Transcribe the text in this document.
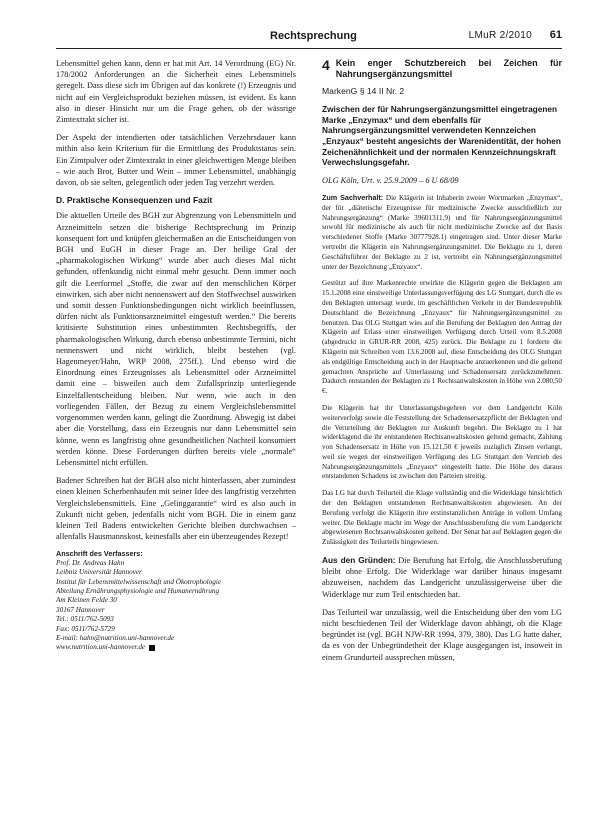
Rechtsprechung	LMuR 2/2010 61

Lebensmittel gehen kann, denn er hat mit Art. 14 Verordnung (EG) Nr. 178/2002 Anforderungen an die Sicherheit eines Lebensmittels geregelt. Dass diese sich im Übrigen auf das konkrete (!) Erzeugnis und nicht auf ein Vergleichsprodukt beziehen müssen, ist evident. Es kann also in dieser Hinsicht nur um die Frage gehen, ob der wässrige Zimtextrakt sicher ist.

Der Aspekt der intendierten oder tatsächlichen Verzehrsdauer kann mithin also kein Kriterium für die Ermittlung des Produktstatus sein. Ein Zimtpulver oder Zimtextrakt in einer gleichwertigen Menge bleiben – wie auch Brot, Butter und Wein – immer Lebensmittel, unabhängig davon, ob sie selten, gelegentlich oder jeden Tag verzehrt werden.

D. Praktische Konsequenzen und Fazit

Die aktuellen Urteile des BGH zur Abgrenzung von Lebensmitteln und Arzneimitteln setzen die bisherige Rechtsprechung im Prinzip konsequent fort und knüpfen gleichermaßen an die Entscheidungen von BGH und EuGH in dieser Frage an. Der heilige Gral der „pharmakologischen Wirkung“ wurde aber auch dieses Mal nicht gefunden, offenkundig nicht einmal mehr gesucht. Denn immer noch gilt die Leerformel „Stoffe, die zwar auf den menschlichen Körper einwirken, sich aber nicht nennenswert auf den Stoffwechsel auswirken und somit dessen Funktionsbedingungen nicht wirklich beeinflussen, dürfen nicht als Funktionsarzneimittel eingestuft werden.“ Die bereits kritisierte Substitution eines unbestimmten Rechtsbegriffs, der pharmakologischen Wirkung, durch ebenso unbestimmte Termini, nicht nennenswert und nicht wirklich, bleibt bestehen (vgl. Hagenmeyer/Hahn, WRP 2008, 275ff.). Und ebenso wird die Einordnung eines Erzeugnisses als Lebensmittel oder Arzneimittel damit eine – bisweilen auch dem Zufallsprinzip unterliegende Einzelfallentscheidung bleiben. Nur wenn, wie auch in den vorliegenden Fällen, der Bezug zu einem Vergleichslebensmittel vorgenommen werden kann, gelingt die Zuordnung. Abwegig ist dabei aber die Vorstellung, dass ein Erzeugnis nur dann Lebensmittel sein könne, wenn es langfristig ohne gesundheitlichen Nachteil konsumiert werden könne. Diese Forderungen dürften bereits viele „normale“ Lebensmittel nicht erfüllen.

Badener Schreiben hat der BGH also nicht hinterlassen, aber zumindest einen kleinen Scherbenhaufen mit seiner Idee des langfristig verzehrten Vergleichslebensmittels. Eine „Gelinggarantie“ wird es also auch in Zukunft nicht geben, jedenfalls nicht vom BGH. Die in einem ganz kleinen Teil Badens entwickelten Gerichte bleiben durchwachsen – allenfalls Hausmannskost, keinesfalls aber ein überzeugendes Rezept!

Anschrift des Verfassers:
Prof. Dr. Andreas Hahn
Leibniz Universität Hannover
Institut für Lebensmittelwissenschaft und Ökotrophologie
Abteilung Ernährungsphysiologie und Humanernährung
Am Kleinen Felde 30
30167 Hannover
Tel.: 0511/762-5093
Fax: 0511/762-5729
E-mail: hahn@nutrition.uni-hannover.de
www.nutrition.uni-hannover.de
4 Kein enger Schutzbereich bei Zeichen für Nahrungsergänzungsmittel
MarkenG § 14 II Nr. 2
Zwischen der für Nahrungsergänzungsmittel eingetragenen Marke „Enzymax“ und dem ebenfalls für Nahrungsergänzungsmittel verwendeten Kennzeichen „Enzyaux“ besteht angesichts der Warenidentität, der hohen Zeichenähnlichkeit und der normalen Kennzeichnungskraft Verwechslungsgefahr.
OLG Köln, Urt. v. 25.9.2009 – 6 U 68/09

Zum Sachverhalt: Die Klägerin ist Inhaberin zweier Wortmarken „Enzymax“, der für „diätetische Erzeugnisse für medizinische Zwecke ausschließlich zur Nahrungsergänzung“ (Marke 39601311.9) und für Nahrungsergänzungsmittel sowohl für medizinische als auch für nicht medizinische Zwecke auf der Basis verschiedener Stoffe (Marke 30777928.1) eingetragen sind. Unter dieser Marke vertreibt die Klägerin ein Nahrungsergänzungsmittel. Die Beklagte zu 1, deren Geschäftsführer der Beklagte zu 2 ist, vertreibt ein Nahrungsergänzungsmittel unter der Bezeichnung „Enzyaux“.

Gestützt auf ihre Markenrechte erwirkte die Klägerin gegen die Beklagten am 15.1.2008 eine einstweilige Unterlassungsverfügung des LG Stuttgart, durch die es den Beklagten untersagt wurde, im geschäftlichen Verkehr in der Bundesrepublik Deutschland die Bezeichnung „Enzyaux“ für Nahrungsergänzungsmittel zu benutzen. Das OLG Stuttgart wies auf die Berufung der Beklagten den Antrag der Klägerin auf Erlass einer einstweiligen Verfügung durch Urteil vom 8.5.2008 (abgedruckt in GRUR-RR 2008, 425) zurück. Die Beklagte zu 1 forderte die Klägerin mit Schreiben vom 13.6.2008 auf, diese Entscheidung des OLG Stuttgart als endgültige Entscheidung auch in der Hauptsache anzuerkennen und die geltend gemachten Ansprüche auf Unterlassung und Schadensersatz zurückzunehmen. Dadurch entstanden der Beklagten zu 1 Rechtsanwaltskosten in Höhe von 2.080,50 €.

Die Klägerin hat ihr Unterlassungsbegehren vor dem Landgericht Köln weiterverfolgt sowie die Feststellung der Schadensersatzpflicht der Beklagten und die Verurteilung der Beklagten zur Auskunft begehrt. Die Beklagte zu 1 hat widerklagend die ihr entstandenen Rechtsanwaltskosten geltend gemacht, Zahlung von Schadensersatz in Höhe von 15.121,50 € jeweils zuzüglich Zinsen verlangt, weil sie wegen der einstweiligen Verfügung des LG Stuttgart den Vertrieb des Nahrungsergänzungsmittels „Enzyaux“ eingestellt hatte. Die Höhe des daraus entstandenen Schadens ist zwischen den Parteien streitig.

Das LG hat durch Teilurteil die Klage vollständig und die Widerklage hinsichtlich der den Beklagten entstandenen Rechtsanwaltskosten abgewiesen. An der Berufung verfolgt die Klägerin ihre erstinstanzlichen Anträge in vollem Umfang weiter. Die Beklagte macht im Wege der Anschlussberufung die vom Landgericht abgewiesenen Rechtsanwaltskosten geltend. Der Senat hat auf Beklagten gegen die Zulässigkeit des Teilurteils hingewiesen.

Aus den Gründen: Die Berufung hat Erfolg, die Anschlussberufung bleibt ohne Erfolg. Die Widerklage war darüber hinaus insgesamt abzuweisen, nachdem das Landgericht unzulässigerweise über die Widerklage nur zum Teil entschieden hat.

Das Teilurteil war unzulässig, weil die Entscheidung über den vom LG nicht beschiedenen Teil der Widerklage davon abhängt, ob die Klage begründet ist (vgl. BGH NJW-RR 1994, 379, 380). Das LG hatte daher, da es von der Unbegründetheit der Klage ausgegangen ist, insoweit in einem Grundurteil aussprechen müssen,
